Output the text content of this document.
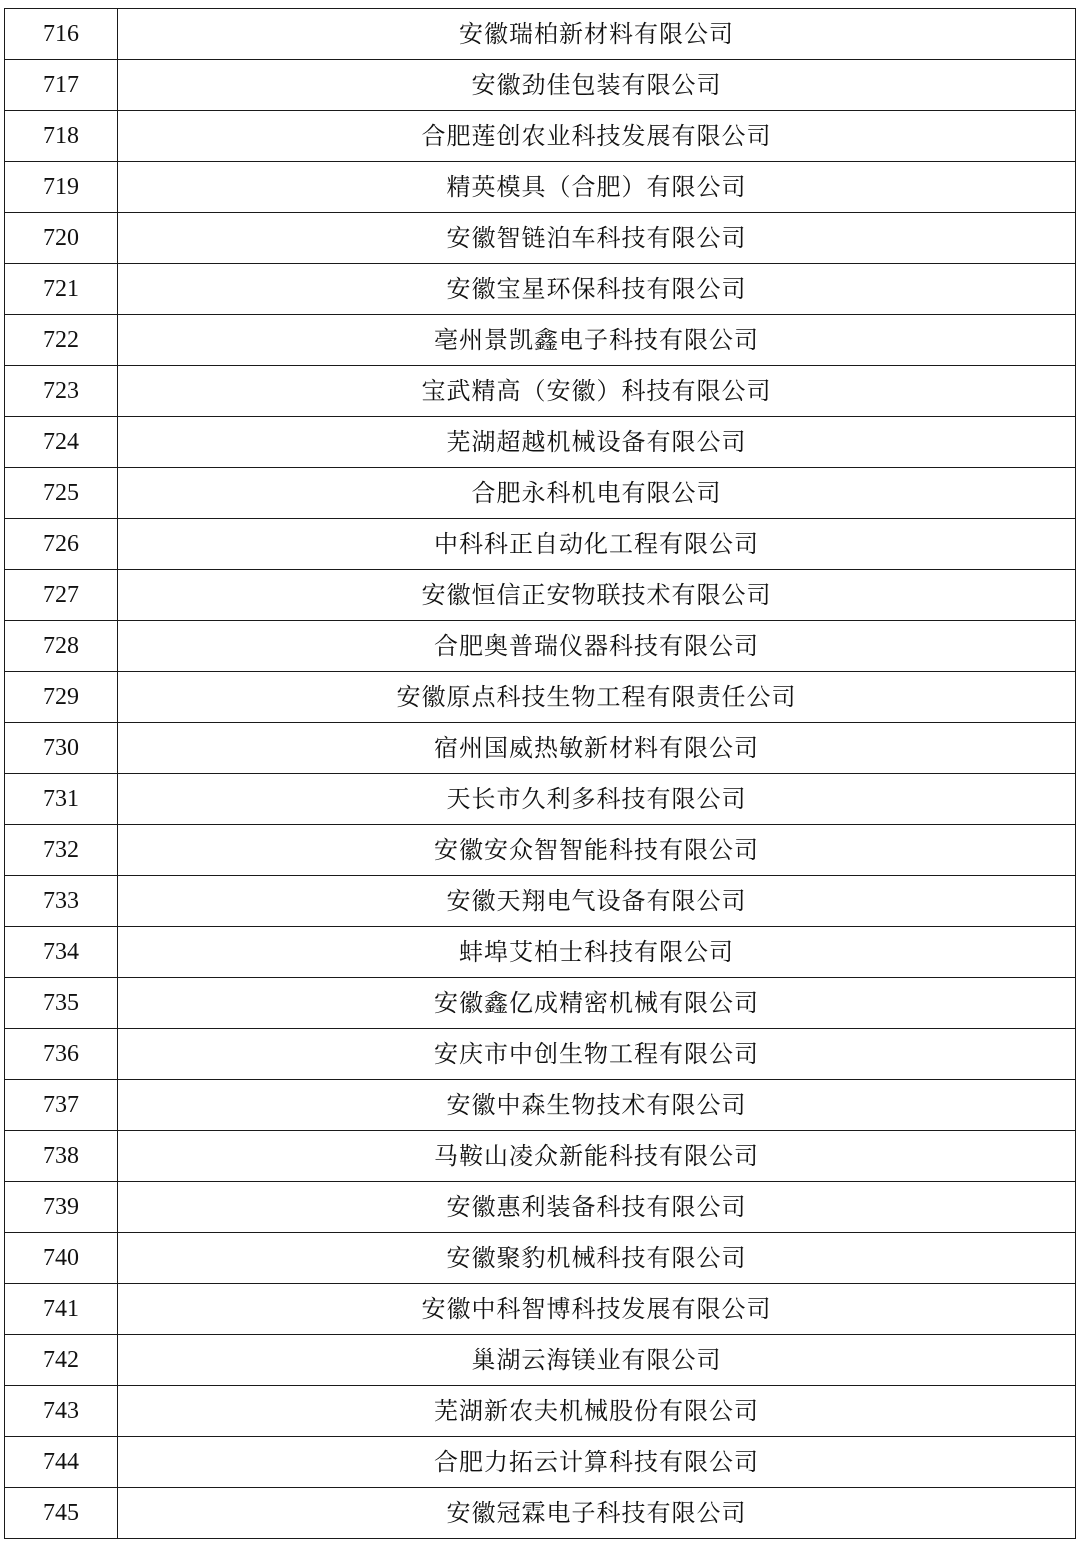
716	安徽瑞柏新材料有限公司
717	安徽劲佳包装有限公司
718	合肥莲创农业科技发展有限公司
719	精英模具（合肥）有限公司
720	安徽智链泊车科技有限公司
721	安徽宝星环保科技有限公司
722	亳州景凯鑫电子科技有限公司
723	宝武精高（安徽）科技有限公司
724	芜湖超越机械设备有限公司
725	合肥永科机电有限公司
726	中科科正自动化工程有限公司
727	安徽恒信正安物联技术有限公司
728	合肥奥普瑞仪器科技有限公司
729	安徽原点科技生物工程有限责任公司
730	宿州国威热敏新材料有限公司
731	天长市久利多科技有限公司
732	安徽安众智智能科技有限公司
733	安徽天翔电气设备有限公司
734	蚌埠艾柏士科技有限公司
735	安徽鑫亿成精密机械有限公司
736	安庆市中创生物工程有限公司
737	安徽中森生物技术有限公司
738	马鞍山凌众新能科技有限公司
739	安徽惠利装备科技有限公司
740	安徽聚豹机械科技有限公司
741	安徽中科智博科技发展有限公司
742	巢湖云海镁业有限公司
743	芜湖新农夫机械股份有限公司
744	合肥力拓云计算科技有限公司
745	安徽冠霖电子科技有限公司
